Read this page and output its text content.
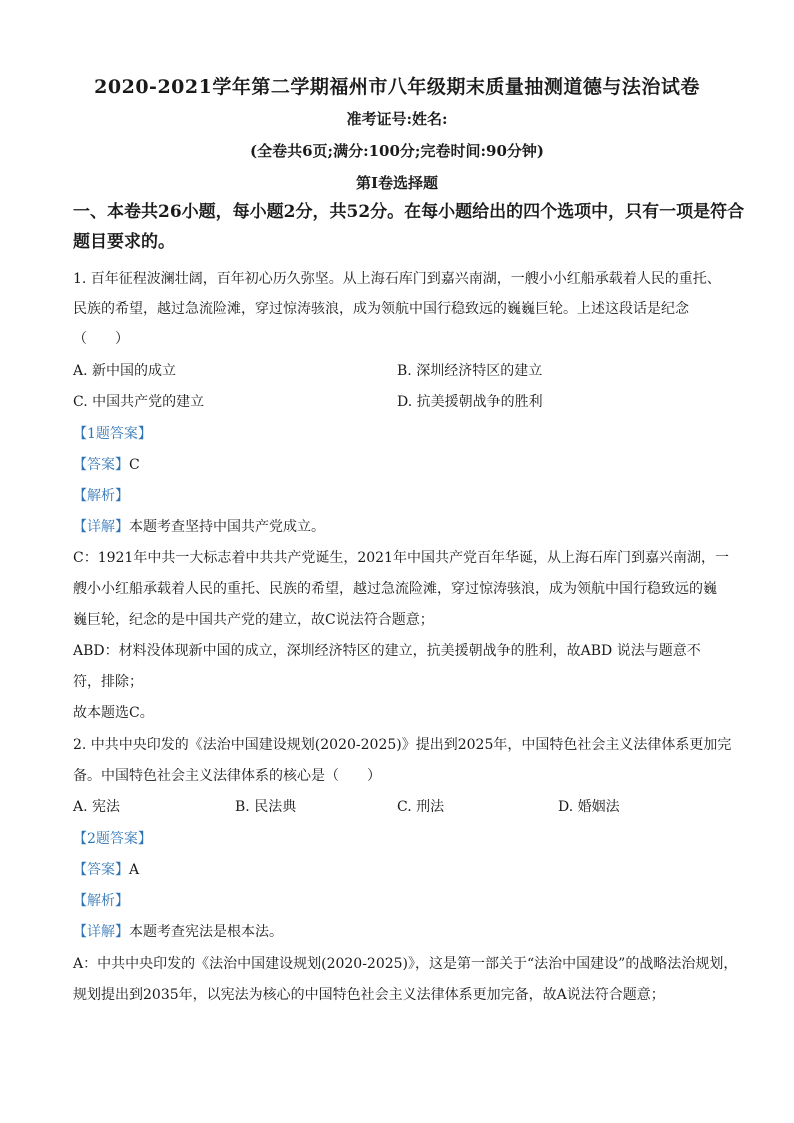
2020-2021学年第二学期福州市八年级期末质量抽测道德与法治试卷
准考证号:姓名:
(全卷共6页;满分:100分;完卷时间:90分钟)
第I卷选择题
一、本卷共26小题，每小题2分，共52分。在每小题给出的四个选项中，只有一项是符合
题目要求的。
1. 百年征程波澜壮阔，百年初心历久弥坚。从上海石库门到嘉兴南湖，一艘小小红船承载着人民的重托、
民族的希望，越过急流险滩，穿过惊涛骇浪，成为领航中国行稳致远的巍巍巨轮。上述这段话是纪念
（　　）
A. 新中国的成立	B. 深圳经济特区的建立
C. 中国共产党的建立	D. 抗美援朝战争的胜利
【1题答案】
【答案】C
【解析】
【详解】本题考查坚持中国共产党成立。
C：1921年中共一大标志着中共共产党诞生，2021年中国共产党百年华诞，从上海石库门到嘉兴南湖，一
艘小小红船承载着人民的重托、民族的希望，越过急流险滩，穿过惊涛骇浪，成为领航中国行稳致远的巍
巍巨轮，纪念的是中国共产党的建立，故C说法符合题意；
ABD：材料没体现新中国的成立，深圳经济特区的建立，抗美援朝战争的胜利，故ABD 说法与题意不
符，排除；
故本题选C。
2. 中共中央印发的《法治中国建设规划(2020-2025)》提出到2025年，中国特色社会主义法律体系更加完
备。中国特色社会主义法律体系的核心是（　　）
A. 宪法	B. 民法典	C. 刑法	D. 婚姻法
【2题答案】
【答案】A
【解析】
【详解】本题考查宪法是根本法。
A：中共中央印发的《法治中国建设规划(2020-2025)》，这是第一部关于“法治中国建设”的战略法治规划，
规划提出到2035年，以宪法为核心的中国特色社会主义法律体系更加完备，故A说法符合题意；
